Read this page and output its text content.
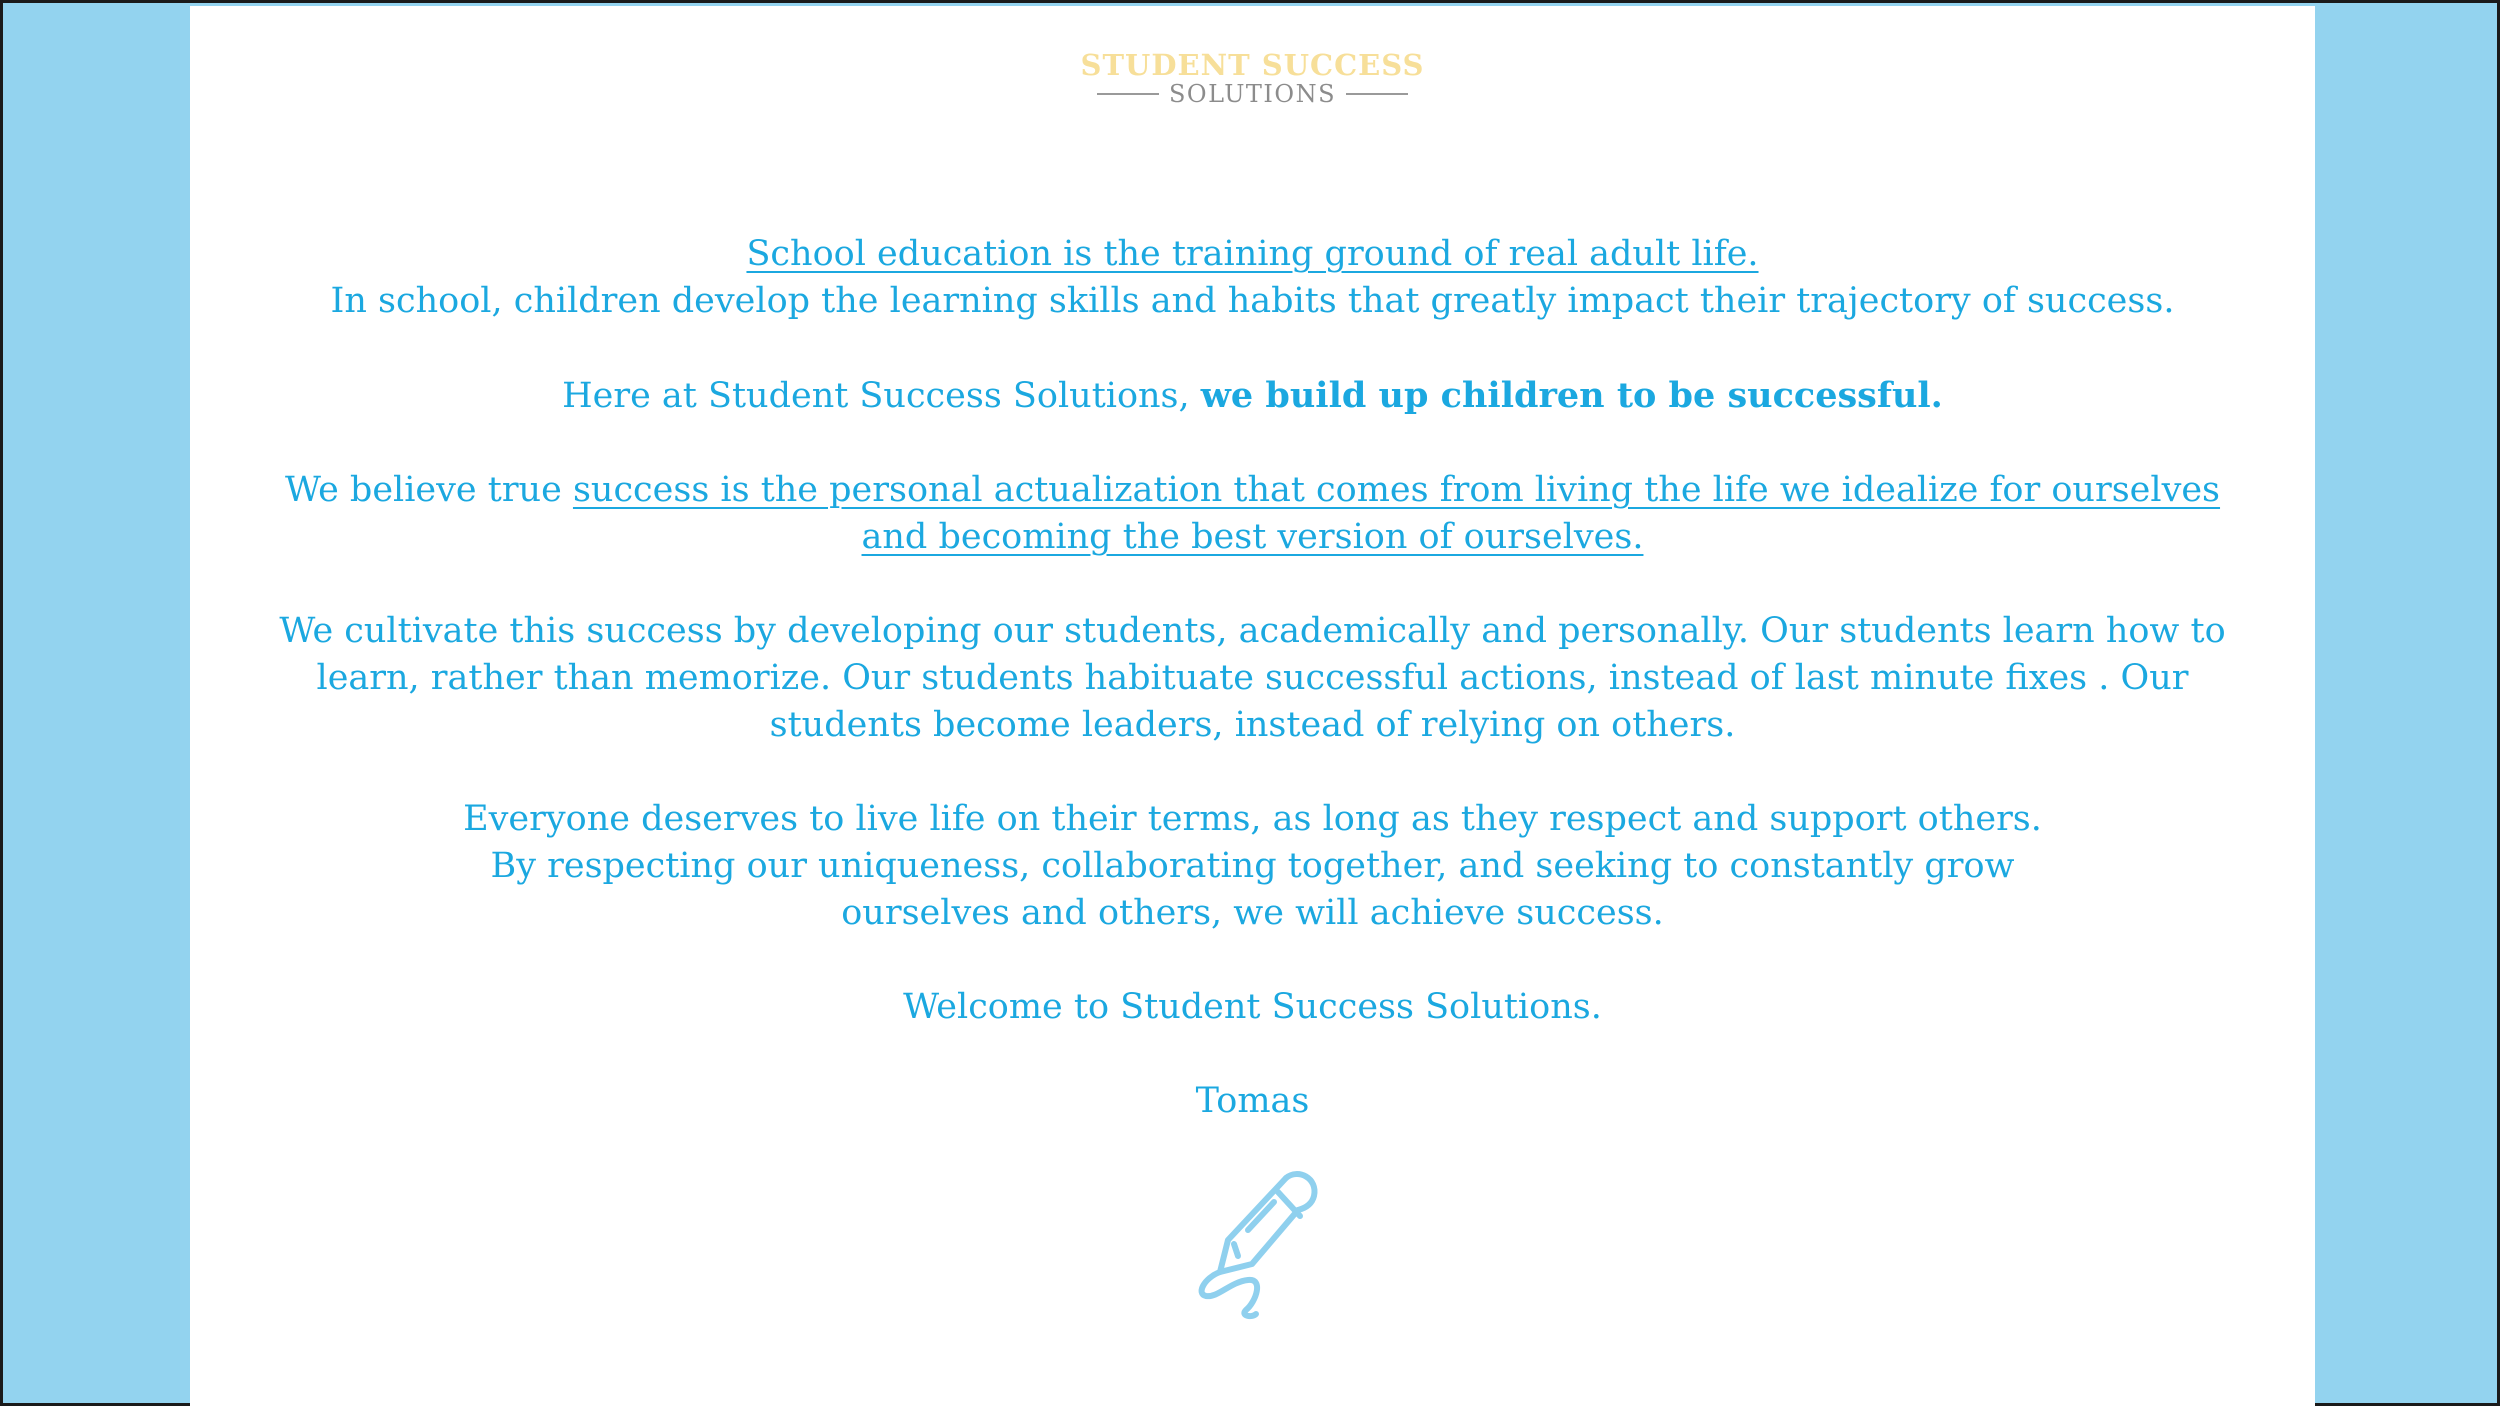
STUDENT SUCCESS
SOLUTIONS

School education is the training ground of real adult life.
In school, children develop the learning skills and habits that greatly impact their trajectory of success.

Here at Student Success Solutions, we build up children to be successful.

We believe true success is the personal actualization that comes from living the life we idealize for ourselves and becoming the best version of ourselves.

We cultivate this success by developing our students, academically and personally. Our students learn how to learn, rather than memorize. Our students habituate successful actions, instead of last minute fixes . Our students become leaders, instead of relying on others.

Everyone deserves to live life on their terms, as long as they respect and support others.
By respecting our uniqueness, collaborating together, and seeking to constantly grow
ourselves and others, we will achieve success.

Welcome to Student Success Solutions.

Tomas
